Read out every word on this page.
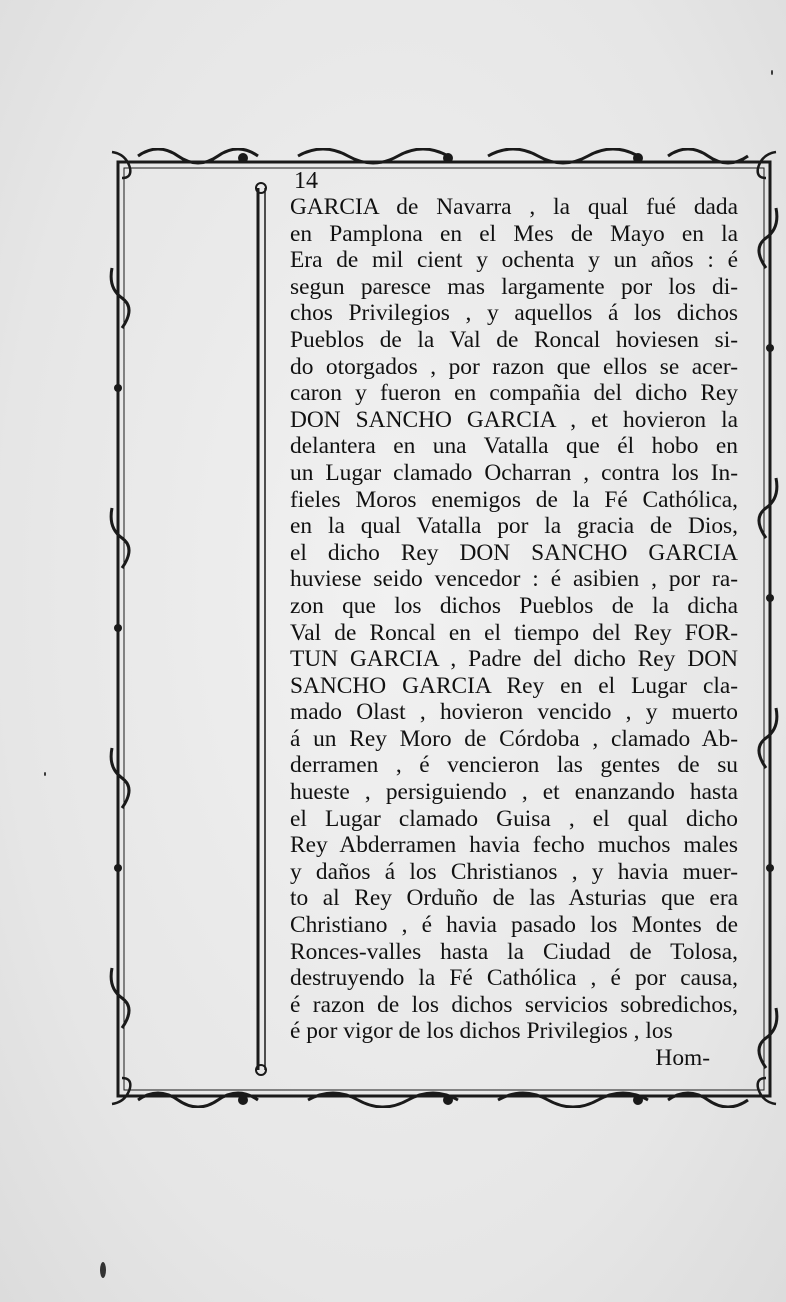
14
GARCIA de Navarra , la qual fué dada
en Pamplona en el Mes de Mayo en la
Era de mil cient y ochenta y un años : é
segun paresce mas largamente por los di-
chos Privilegios , y aquellos á los dichos
Pueblos de la Val de Roncal hoviesen si-
do otorgados , por razon que ellos se acer-
caron y fueron en compañia del dicho Rey
DON SANCHO GARCIA , et hovieron la
delantera en una Vatalla que él hobo en
un Lugar clamado Ocharran , contra los In-
fieles Moros enemigos de la Fé Cathólica,
en la qual Vatalla por la gracia de Dios,
el dicho Rey DON SANCHO GARCIA
huviese seido vencedor : é asibien , por ra-
zon que los dichos Pueblos de la dicha
Val de Roncal en el tiempo del Rey FOR-
TUN GARCIA , Padre del dicho Rey DON
SANCHO GARCIA Rey en el Lugar cla-
mado Olast , hovieron vencido , y muerto
á un Rey Moro de Córdoba , clamado Ab-
derramen , é vencieron las gentes de su
hueste , persiguiendo , et enanzando hasta
el Lugar clamado Guisa , el qual dicho
Rey Abderramen havia fecho muchos males
y daños á los Christianos , y havia muer-
to al Rey Orduño de las Asturias que era
Christiano , é havia pasado los Montes de
Ronces-valles hasta la Ciudad de Tolosa,
destruyendo la Fé Cathólica , é por causa,
é razon de los dichos servicios sobredichos,
é por vigor de los dichos Privilegios , los
Hom-
